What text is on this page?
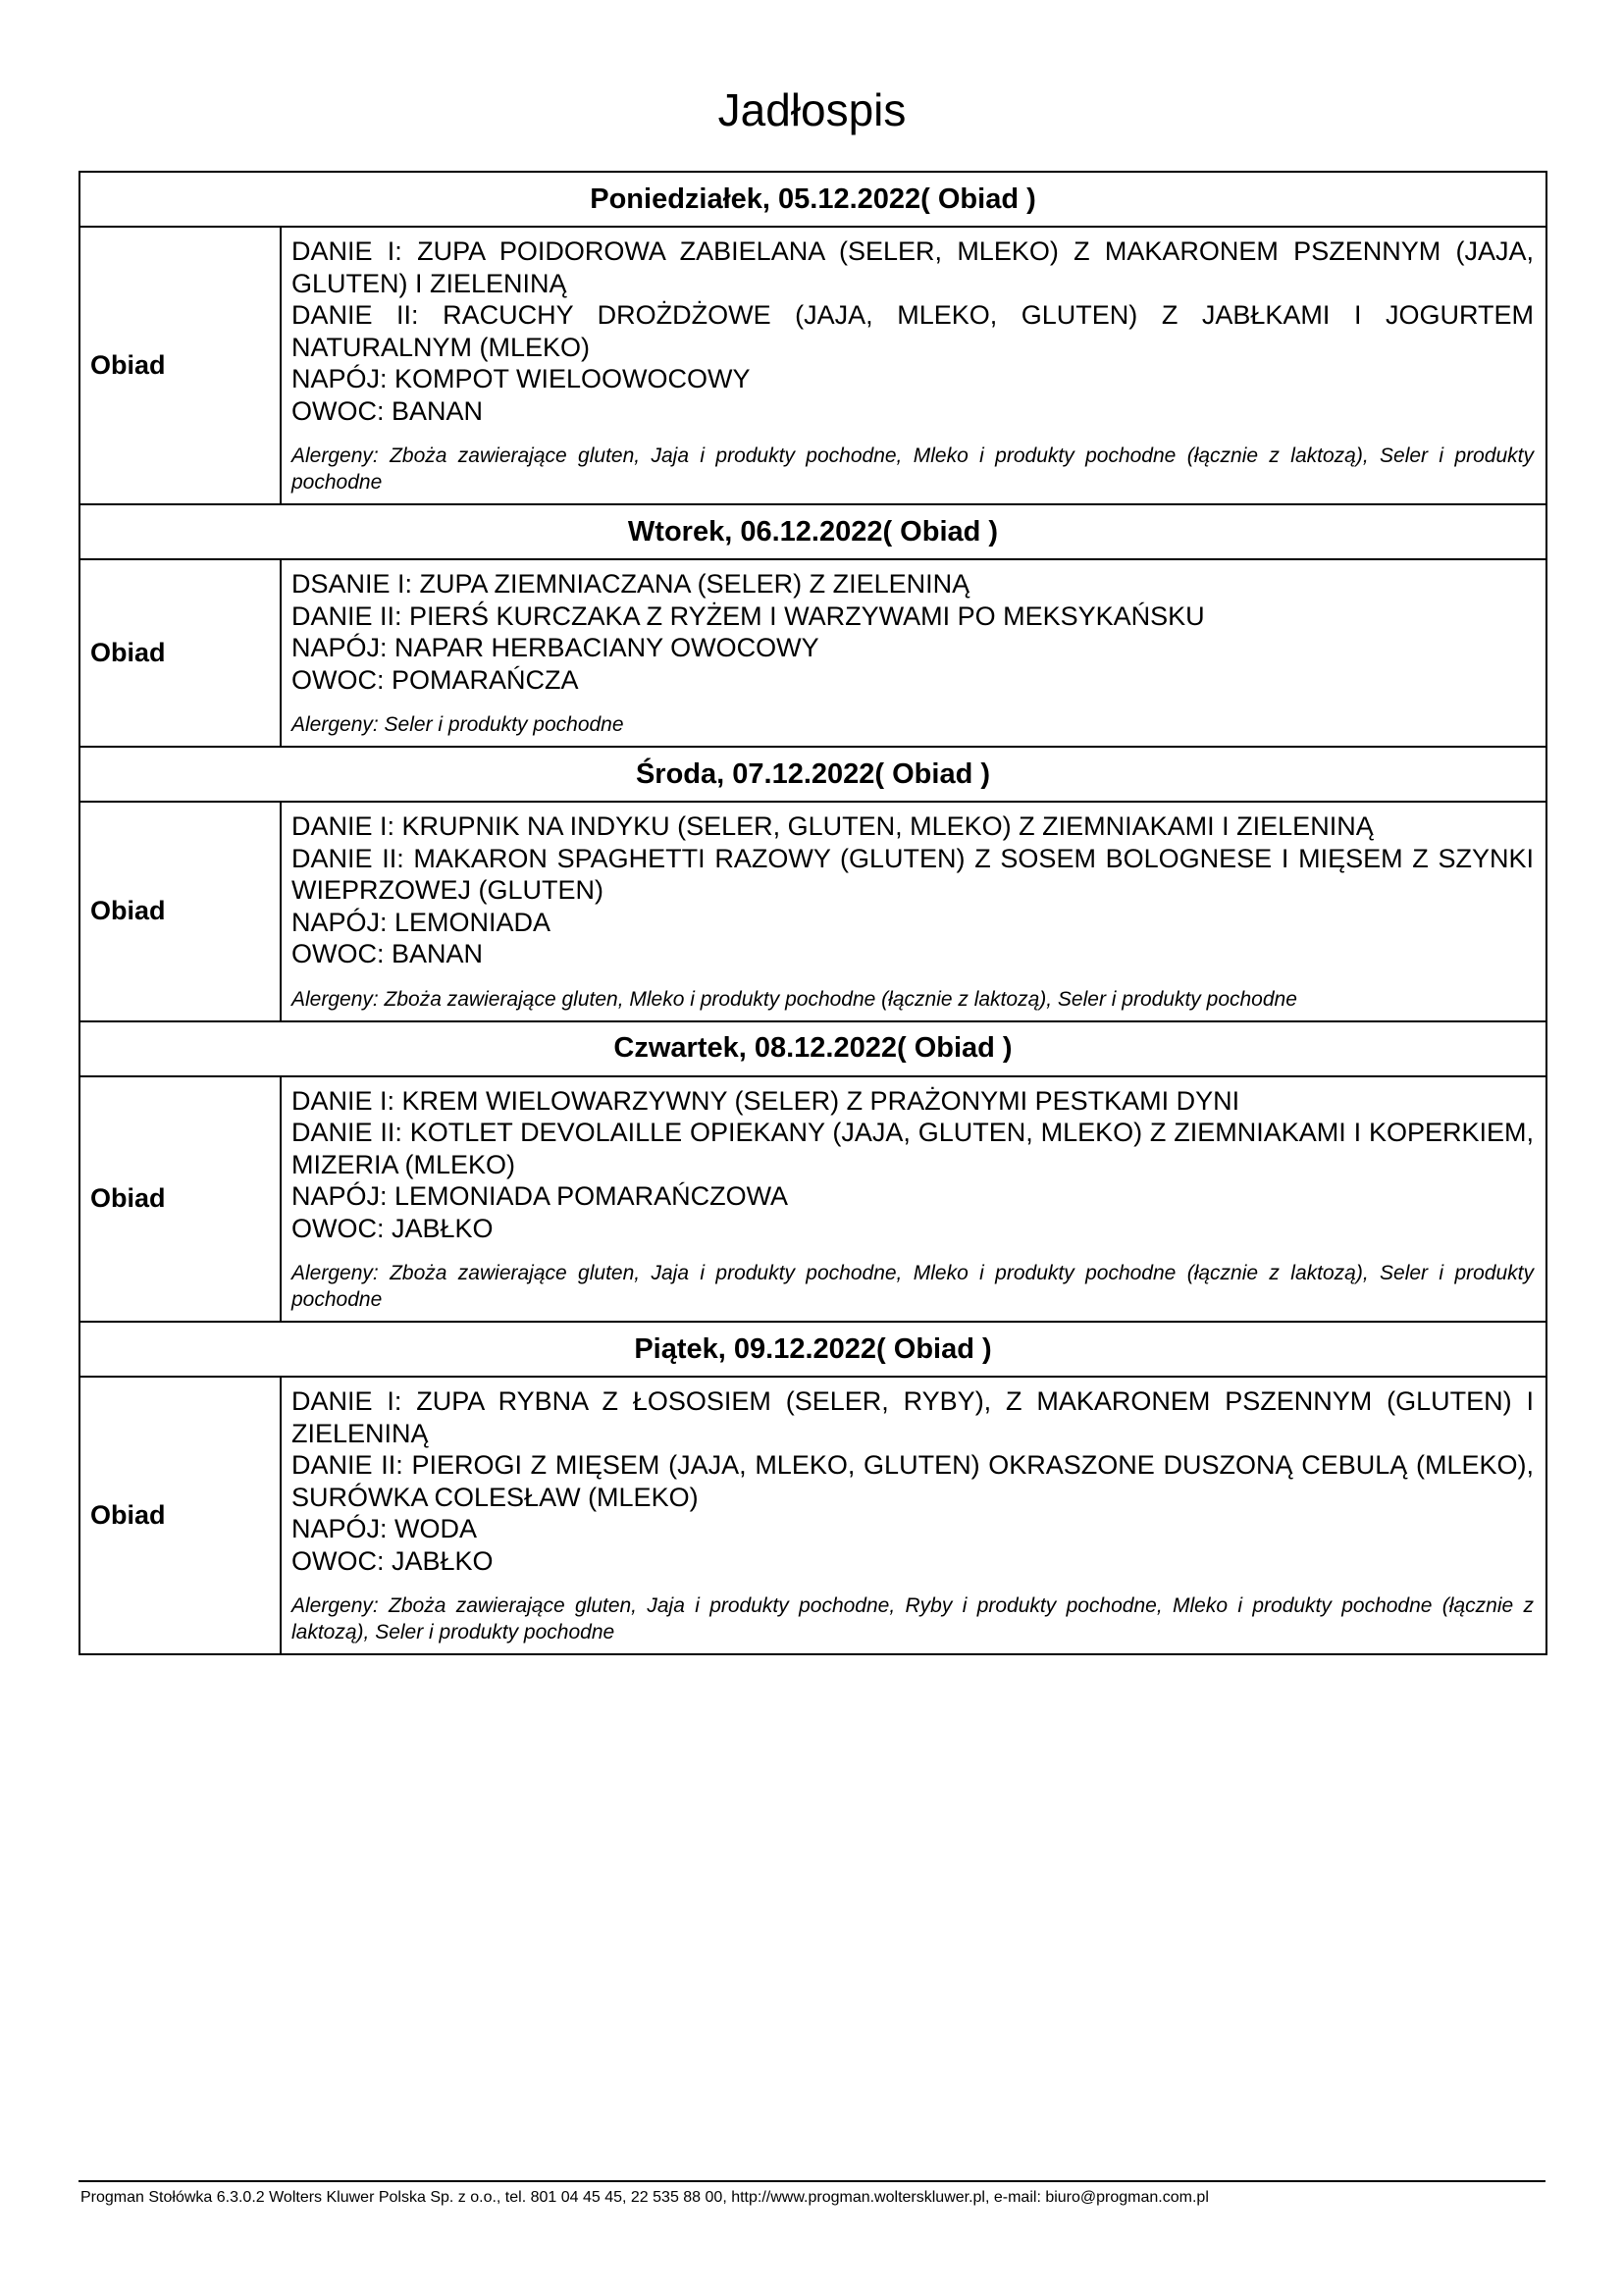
Jadłospis
Poniedziałek, 05.12.2022( Obiad )	
Obiad	DANIE I: ZUPA POIDOROWA ZABIELANA (SELER, MLEKO) Z MAKARONEM PSZENNYM (JAJA, GLUTEN) I ZIELENINĄ
DANIE II: RACUCHY DROŻDŻOWE (JAJA, MLEKO, GLUTEN) Z JABŁKAMI I JOGURTEM NATURALNYM (MLEKO)
NAPÓJ: KOMPOT WIELOOWOCOWY
OWOC: BANAN
Alergeny: Zboża zawierające gluten, Jaja i produkty pochodne, Mleko i produkty pochodne (łącznie z laktozą), Seler i produkty pochodne

Wtorek, 06.12.2022( Obiad )	
Obiad	DSANIE I: ZUPA ZIEMNIACZANA (SELER) Z ZIELENINĄ
DANIE II: PIERŚ KURCZAKA Z RYŻEM I WARZYWAMI PO MEKSYKAŃSKU
NAPÓJ: NAPAR HERBACIANY OWOCOWY
OWOC: POMARAŃCZA
Alergeny: Seler i produkty pochodne

Środa, 07.12.2022( Obiad )	
Obiad	DANIE I: KRUPNIK NA INDYKU (SELER, GLUTEN, MLEKO) Z ZIEMNIAKAMI I ZIELENINĄ
DANIE II: MAKARON SPAGHETTI RAZOWY (GLUTEN) Z SOSEM BOLOGNESE I MIĘSEM Z SZYNKI WIEPRZOWEJ (GLUTEN)
NAPÓJ: LEMONIADA
OWOC: BANAN
Alergeny: Zboża zawierające gluten, Mleko i produkty pochodne (łącznie z laktozą), Seler i produkty pochodne

Czwartek, 08.12.2022( Obiad )	
Obiad	DANIE I: KREM WIELOWARZYWNY (SELER) Z PRAŻONYMI PESTKAMI DYNI
DANIE II: KOTLET DEVOLAILLE OPIEKANY (JAJA, GLUTEN, MLEKO) Z ZIEMNIAKAMI I KOPERKIEM, MIZERIA (MLEKO)
NAPÓJ: LEMONIADA POMARAŃCZOWA
OWOC: JABŁKO
Alergeny: Zboża zawierające gluten, Jaja i produkty pochodne, Mleko i produkty pochodne (łącznie z laktozą), Seler i produkty pochodne

Piątek, 09.12.2022( Obiad )	
Obiad	DANIE I: ZUPA RYBNA Z ŁOSOSIEM (SELER, RYBY), Z MAKARONEM PSZENNYM (GLUTEN) I ZIELENINĄ
DANIE II: PIEROGI Z MIĘSEM (JAJA, MLEKO, GLUTEN) OKRASZONE DUSZONĄ CEBULĄ (MLEKO), SURÓWKA COLESŁAW (MLEKO)
NAPÓJ: WODA
OWOC: JABŁKO
Alergeny: Zboża zawierające gluten, Jaja i produkty pochodne, Ryby i produkty pochodne, Mleko i produkty pochodne (łącznie z laktozą), Seler i produkty pochodne
Progman Stołówka 6.3.0.2 Wolters Kluwer Polska Sp. z o.o., tel. 801 04 45 45, 22 535 88 00, http://www.progman.wolterskluwer.pl, e-mail: biuro@progman.com.pl
